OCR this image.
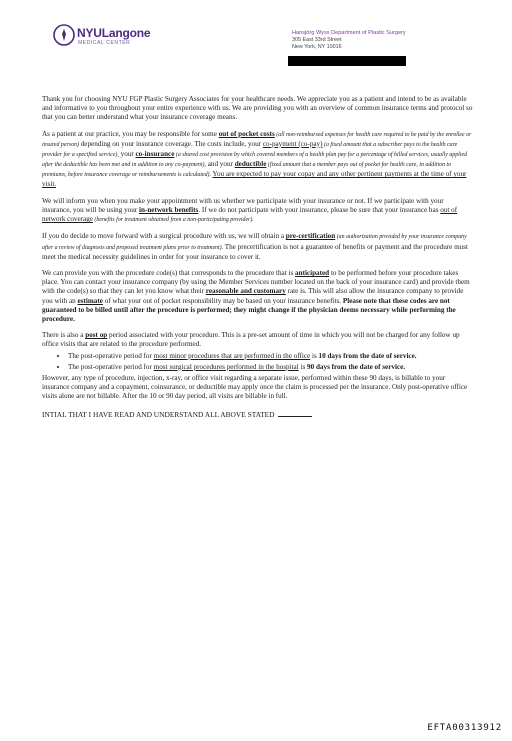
NYULangone
MEDICAL CENTER
Hansjörg Wyss Department of Plastic Surgery
305 East 33rd Street
New York, NY 10016

Thank you for choosing NYU FGP Plastic Surgery Associates for your healthcare needs. We appreciate you as a patient and intend to be as available and informative to you throughout your entire experience with us. We are providing you with an overview of common insurance terms and protocol so that you can better understand what your insurance coverage means.

As a patient at our practice, you may be responsible for some out of pocket costs (all non-reimbursed expenses for health care required to be paid by the enrollee or insured person) depending on your insurance coverage. The costs include, your co-payment (co-pay) (a fixed amount that a subscriber pays to the health care provider for a specified service), your co-insurance (a shared cost provision by which covered members of a health plan pay for a percentage of billed services, usually applied after the deductible has been met and in addition to any co-payment), and your deductible (fixed amount that a member pays out of pocket for health care, in addition to premiums, before insurance coverage or reimbursements is calculated). You are expected to pay your copay and any other pertinent payments at the time of your visit.

We will inform you when you make your appointment with us whether we participate with your insurance or not. If we participate with your insurance, you will be using your in-network benefits. If we do not participate with your insurance, please be sure that your insurance has out of network coverage (benefits for treatment obtained from a non-participating provider).

If you do decide to move forward with a surgical procedure with us, we will obtain a pre-certification (an authorization provided by your insurance company after a review of diagnosis and proposed treatment plans prior to treatment). The precertification is not a guarantee of benefits or payment and the procedure must meet the medical necessity guidelines in order for your insurance to cover it.

We can provide you with the procedure code(s) that corresponds to the procedure that is anticipated to be performed before your procedure takes place. You can contact your insurance company (by using the Member Services number located on the back of your insurance card) and provide them with the code(s) so that they can let you know what their reasonable and customary rate is. This will also allow the insurance company to provide you with an estimate of what your out of pocket responsibility may be based on your insurance benefits. Please note that these codes are not guaranteed to be billed until after the procedure is performed; they might change if the physician deems necessary while performing the procedure.

There is also a post op period associated with your procedure. This is a pre-set amount of time in which you will not be charged for any follow up office visits that are related to the procedure performed.

• The post-operative period for most minor procedures that are performed in the office is 10 days from the date of service.
• The post-operative period for most surgical procedures performed in the hospital is 90 days from the date of service.

However, any type of procedure, injection, x-ray, or office visit regarding a separate issue, performed within these 90 days, is billable to your insurance company and a copayment, coinsurance, or deductible may apply once the claim is processed per the insurance. Only post-operative office visits alone are not billable. After the 10 or 90 day period, all visits are billable in full.

INTIAL THAT I HAVE READ AND UNDERSTAND ALL ABOVE STATED
EFTA00313912
